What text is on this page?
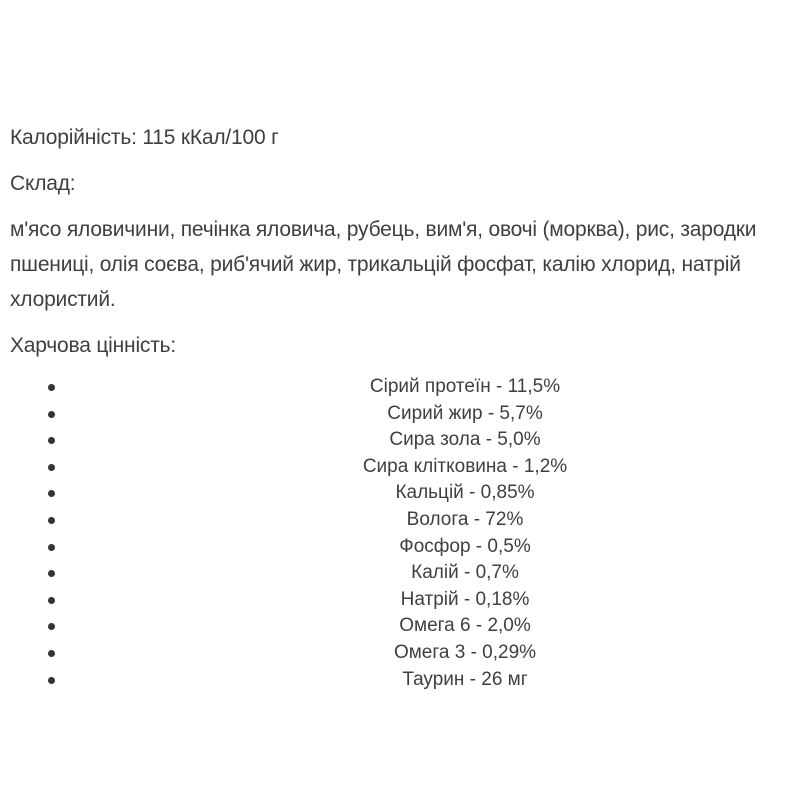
Калорійність: 115 кКал/100 г

Склад:

м'ясо яловичини, печінка яловича, рубець, вим'я, овочі (морква), рис, зародки пшениці, олія соєва, риб'ячий жир, трикальцій фосфат, калію хлорид, натрій хлористий.

Харчова цінність:

Сірий протеїн - 11,5%
Сирий жир - 5,7%
Сира зола - 5,0%
Сира клітковина - 1,2%
Кальцій - 0,85%
Волога - 72%
Фосфор - 0,5%
Калій - 0,7%
Натрій - 0,18%
Омега 6 - 2,0%
Омега 3 - 0,29%
Таурин - 26 мг
